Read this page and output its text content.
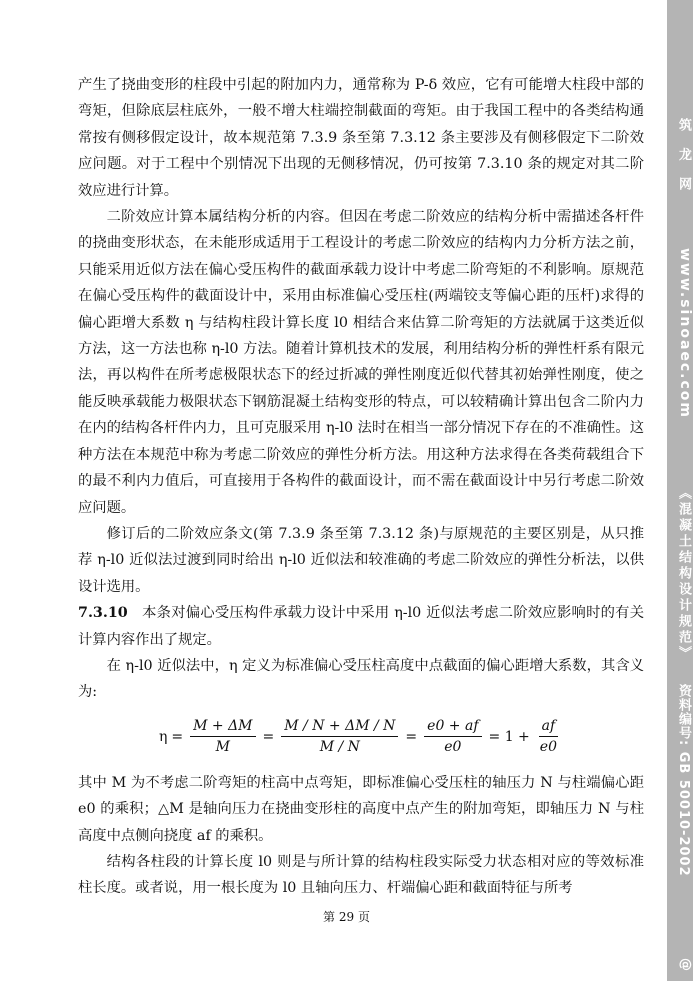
产生了挠曲变形的柱段中引起的附加内力，通常称为 P-δ 效应，它有可能增大柱段中部的弯矩，但除底层柱底外，一般不增大柱端控制截面的弯矩。由于我国工程中的各类结构通常按有侧移假定设计，故本规范第 7.3.9 条至第 7.3.12 条主要涉及有侧移假定下二阶效应问题。对于工程中个别情况下出现的无侧移情况，仍可按第 7.3.10 条的规定对其二阶效应进行计算。

二阶效应计算本属结构分析的内容。但因在考虑二阶效应的结构分析中需描述各杆件的挠曲变形状态，在未能形成适用于工程设计的考虑二阶效应的结构内力分析方法之前，只能采用近似方法在偏心受压构件的截面承载力设计中考虑二阶弯矩的不利影响。原规范在偏心受压构件的截面设计中，采用由标准偏心受压柱(两端铰支等偏心距的压杆)求得的偏心距增大系数 η 与结构柱段计算长度 l0 相结合来估算二阶弯矩的方法就属于这类近似方法，这一方法也称 η-l0 方法。随着计算机技术的发展，利用结构分析的弹性杆系有限元法，再以构件在所考虑极限状态下的经过折减的弹性刚度近似代替其初始弹性刚度，使之能反映承载能力极限状态下钢筋混凝土结构变形的特点，可以较精确计算出包含二阶内力在内的结构各杆件内力，且可克服采用 η-l0 法时在相当一部分情况下存在的不准确性。这种方法在本规范中称为考虑二阶效应的弹性分析方法。用这种方法求得在各类荷载组合下的最不利内力值后，可直接用于各构件的截面设计，而不需在截面设计中另行考虑二阶效应问题。

修订后的二阶效应条文(第 7.3.9 条至第 7.3.12 条)与原规范的主要区别是，从只推荐 η-l0 近似法过渡到同时给出 η-l0 近似法和较准确的考虑二阶效应的弹性分析法，以供设计选用。

7.3.10 本条对偏心受压构件承载力设计中采用 η-l0 近似法考虑二阶效应影响时的有关计算内容作出了规定。

在 η-l0 近似法中，η 定义为标准偏心受压柱高度中点截面的偏心距增大系数，其含义为:

$\eta = \frac{M + \Delta M}{M} = \frac{M / N + \Delta M / N}{M / N} = \frac{e0 + af}{e0} = 1 + \frac{af}{e0}$

其中 M 为不考虑二阶弯矩的柱高中点弯矩，即标准偏心受压柱的轴压力 N 与柱端偏心距 e0 的乘积；△M 是轴向压力在挠曲变形柱的高度中点产生的附加弯矩，即轴压力 N 与柱高度中点侧向挠度 af 的乘积。

结构各柱段的计算长度 l0 则是与所计算的结构柱段实际受力状态相对应的等效标准柱长度。或者说，用一根长度为 l0 且轴向压力、杆端偏心距和截面特征与所考

第 29 页
筑 龙 网
www.sinoaec.com
《混凝土结构设计规范》
资料编号: GB 50010-2002
@
